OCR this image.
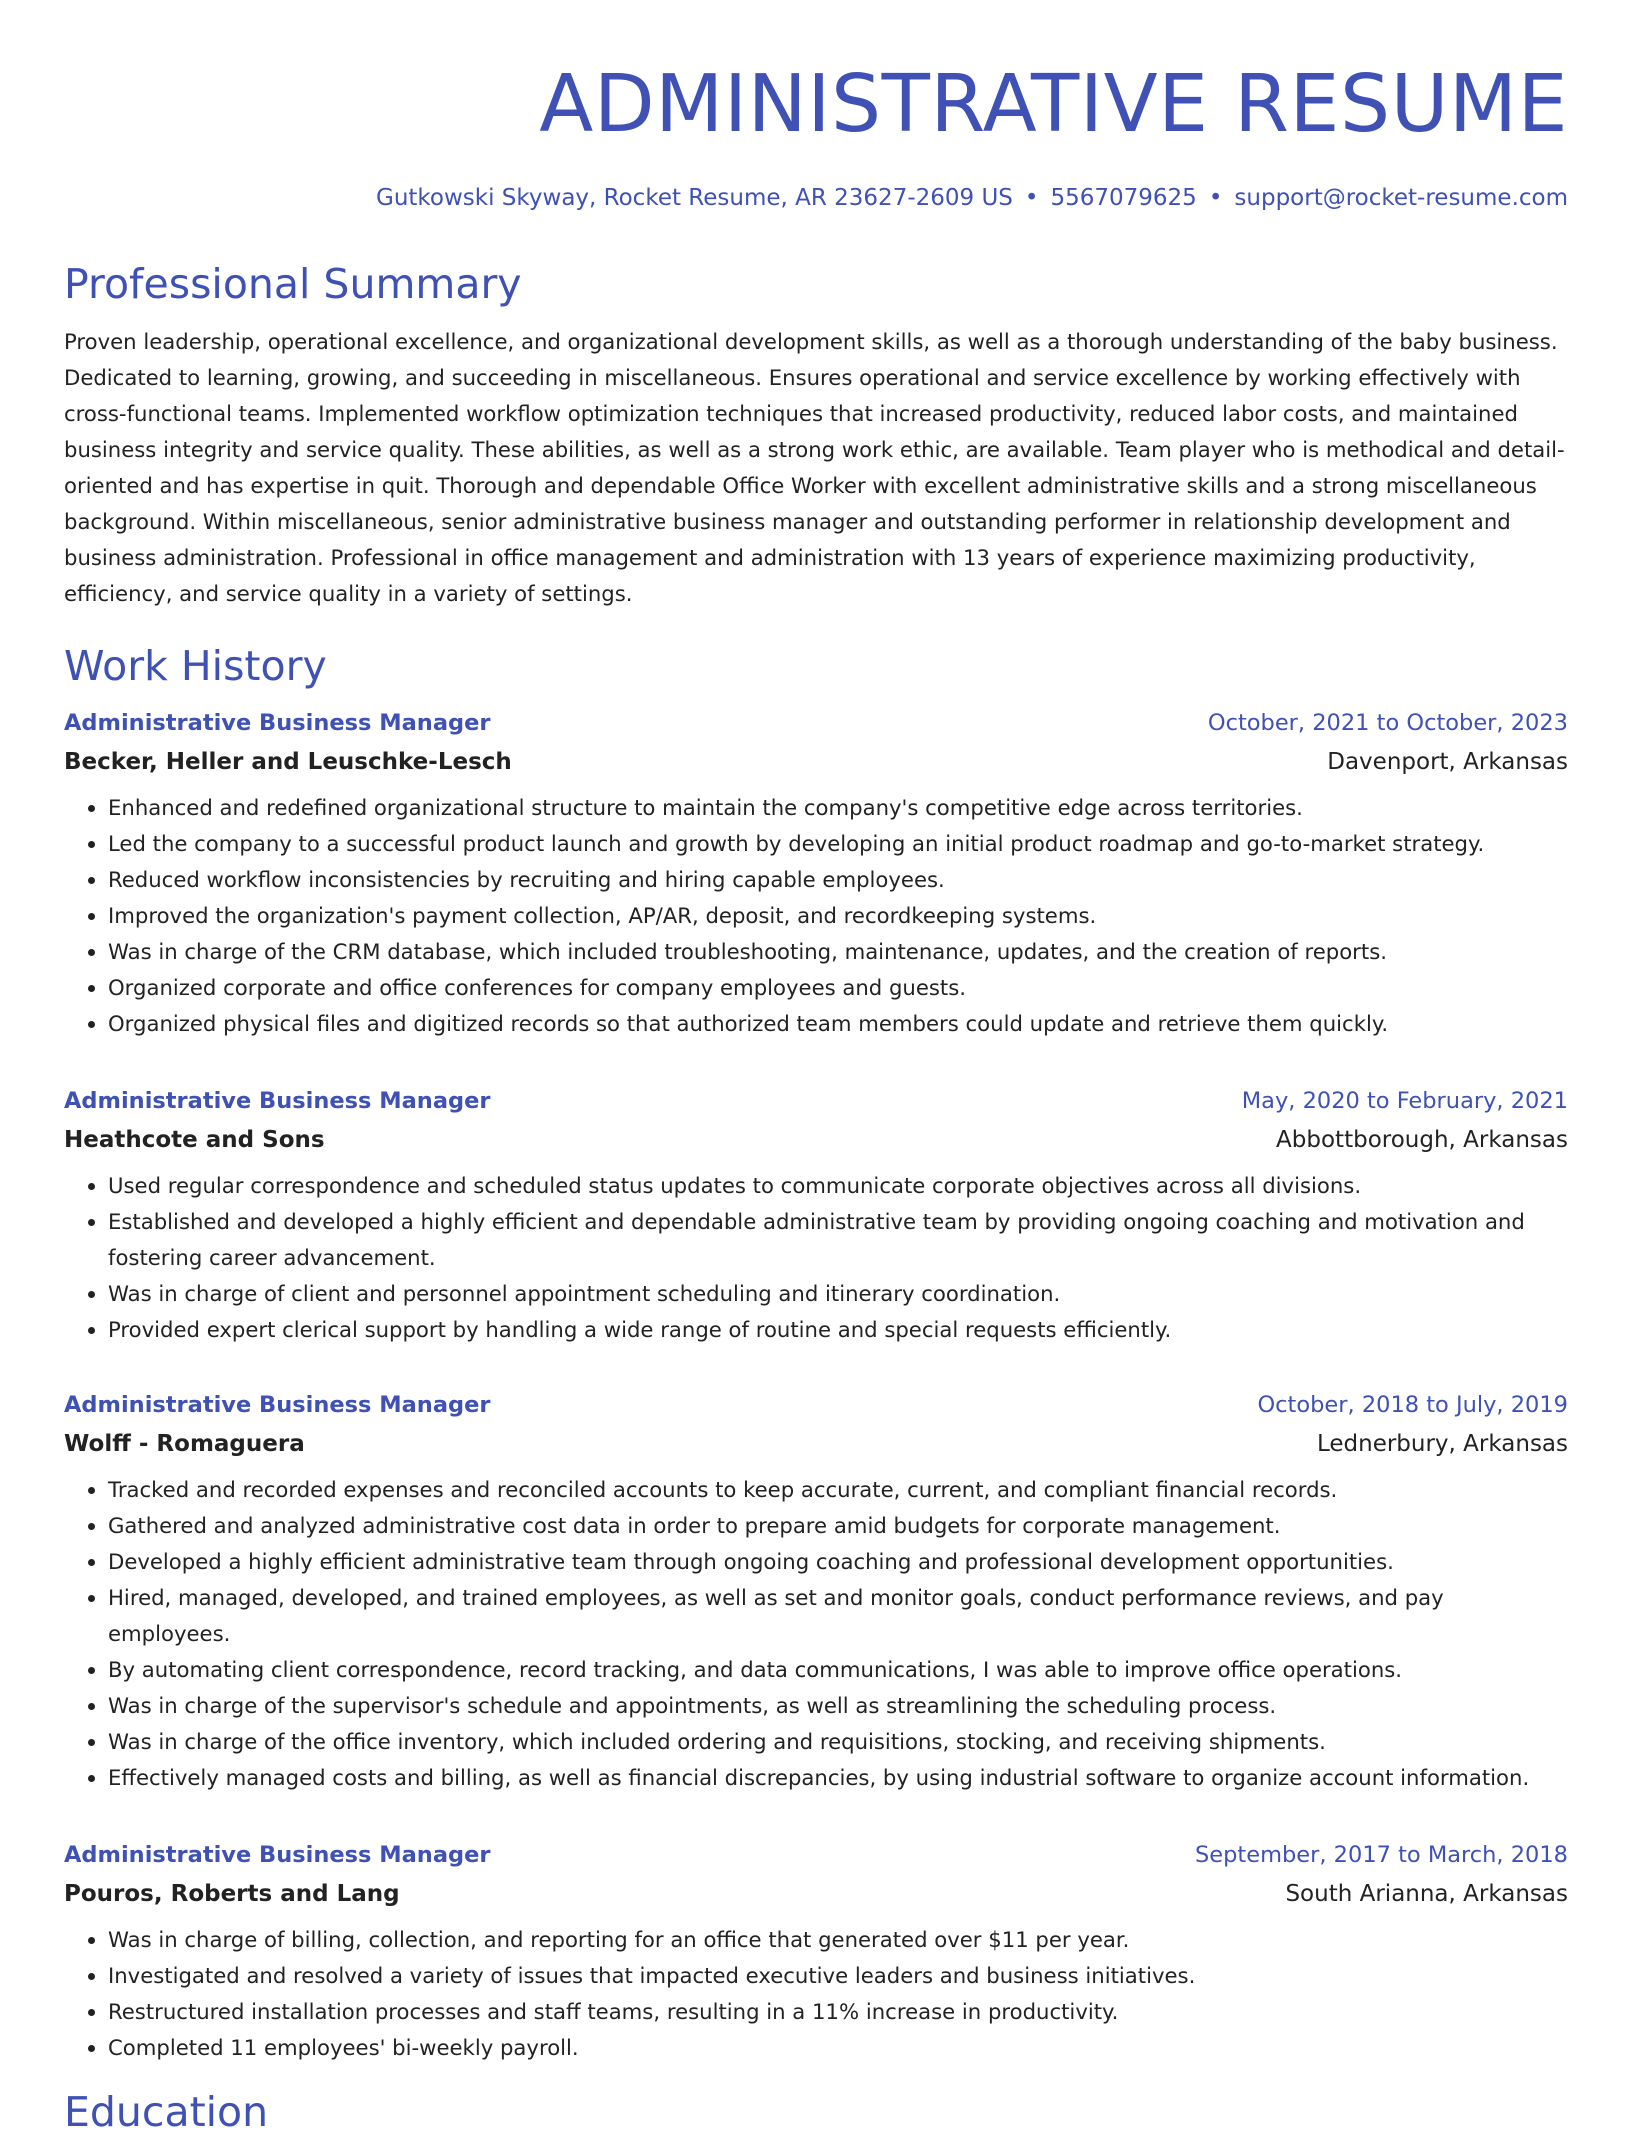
ADMINISTRATIVE RESUME
Gutkowski Skyway, Rocket Resume, AR 23627-2609 US • 5567079625 • support@rocket-resume.com
Professional Summary
Proven leadership, operational excellence, and organizational development skills, as well as a thorough understanding of the baby business. Dedicated to learning, growing, and succeeding in miscellaneous. Ensures operational and service excellence by working effectively with cross-functional teams. Implemented workflow optimization techniques that increased productivity, reduced labor costs, and maintained business integrity and service quality. These abilities, as well as a strong work ethic, are available. Team player who is methodical and detail-oriented and has expertise in quit. Thorough and dependable Office Worker with excellent administrative skills and a strong miscellaneous background. Within miscellaneous, senior administrative business manager and outstanding performer in relationship development and business administration. Professional in office management and administration with 13 years of experience maximizing productivity, efficiency, and service quality in a variety of settings.
Work History
Administrative Business Manager	October, 2021 to October, 2023
Becker, Heller and Leuschke-Lesch	Davenport, Arkansas
• Enhanced and redefined organizational structure to maintain the company's competitive edge across territories.
• Led the company to a successful product launch and growth by developing an initial product roadmap and go-to-market strategy.
• Reduced workflow inconsistencies by recruiting and hiring capable employees.
• Improved the organization's payment collection, AP/AR, deposit, and recordkeeping systems.
• Was in charge of the CRM database, which included troubleshooting, maintenance, updates, and the creation of reports.
• Organized corporate and office conferences for company employees and guests.
• Organized physical files and digitized records so that authorized team members could update and retrieve them quickly.
Administrative Business Manager	May, 2020 to February, 2021
Heathcote and Sons	Abbottborough, Arkansas
• Used regular correspondence and scheduled status updates to communicate corporate objectives across all divisions.
• Established and developed a highly efficient and dependable administrative team by providing ongoing coaching and motivation and fostering career advancement.
• Was in charge of client and personnel appointment scheduling and itinerary coordination.
• Provided expert clerical support by handling a wide range of routine and special requests efficiently.
Administrative Business Manager	October, 2018 to July, 2019
Wolff - Romaguera	Lednerbury, Arkansas
• Tracked and recorded expenses and reconciled accounts to keep accurate, current, and compliant financial records.
• Gathered and analyzed administrative cost data in order to prepare amid budgets for corporate management.
• Developed a highly efficient administrative team through ongoing coaching and professional development opportunities.
• Hired, managed, developed, and trained employees, as well as set and monitor goals, conduct performance reviews, and pay employees.
• By automating client correspondence, record tracking, and data communications, I was able to improve office operations.
• Was in charge of the supervisor's schedule and appointments, as well as streamlining the scheduling process.
• Was in charge of the office inventory, which included ordering and requisitions, stocking, and receiving shipments.
• Effectively managed costs and billing, as well as financial discrepancies, by using industrial software to organize account information.
Administrative Business Manager	September, 2017 to March, 2018
Pouros, Roberts and Lang	South Arianna, Arkansas
• Was in charge of billing, collection, and reporting for an office that generated over $11 per year.
• Investigated and resolved a variety of issues that impacted executive leaders and business initiatives.
• Restructured installation processes and staff teams, resulting in a 11% increase in productivity.
• Completed 11 employees' bi-weekly payroll.
Education
